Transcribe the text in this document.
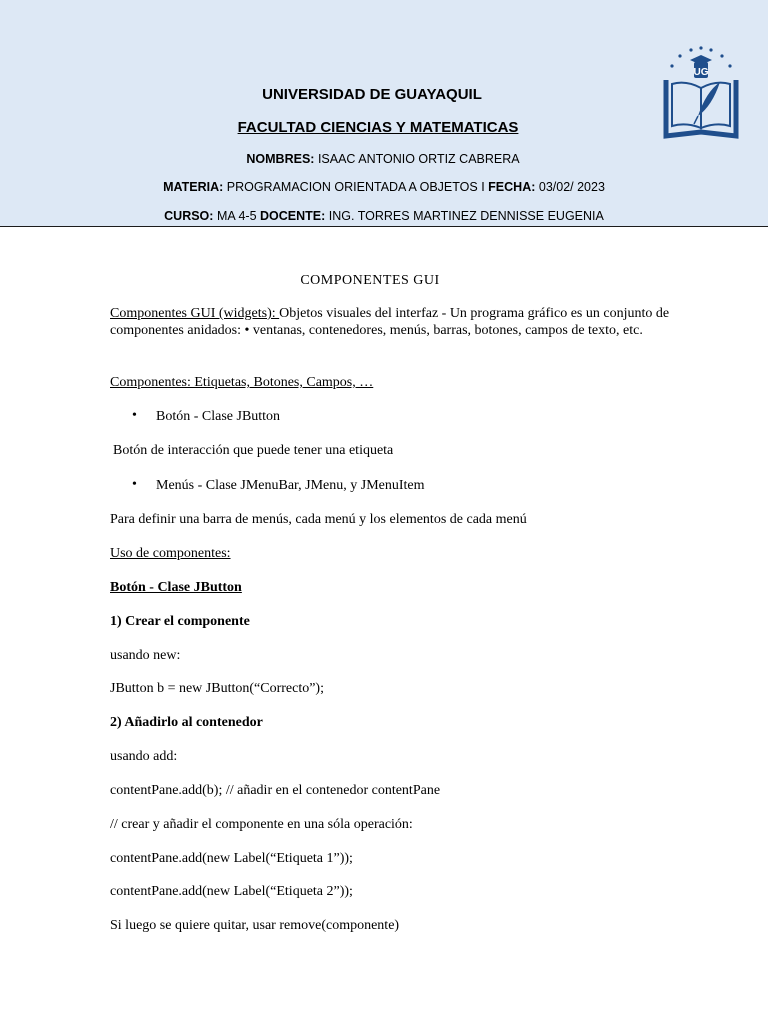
UNIVERSIDAD DE GUAYAQUIL
FACULTAD CIENCIAS Y MATEMATICAS
NOMBRES: ISAAC ANTONIO ORTIZ CABRERA
MATERIA: PROGRAMACION ORIENTADA A OBJETOS I FECHA: 03/02/ 2023
CURSO: MA 4-5 DOCENTE: ING. TORRES MARTINEZ DENNISSE EUGENIA
UG
COMPONENTES GUI
Componentes GUI (widgets): Objetos visuales del interfaz - Un programa gráfico es un conjunto de componentes anidados: • ventanas, contenedores, menús, barras, botones, campos de texto, etc.
Componentes: Etiquetas, Botones, Campos, …
• Botón - Clase JButton
Botón de interacción que puede tener una etiqueta
• Menús - Clase JMenuBar, JMenu, y JMenuItem
Para definir una barra de menús, cada menú y los elementos de cada menú
Uso de componentes:
Botón - Clase JButton
1) Crear el componente
usando new:
JButton b = new JButton(“Correcto”);
2) Añadirlo al contenedor
usando add:
contentPane.add(b); // añadir en el contenedor contentPane
// crear y añadir el componente en una sóla operación:
contentPane.add(new Label(“Etiqueta 1”));
contentPane.add(new Label(“Etiqueta 2”));
Si luego se quiere quitar, usar remove(componente)
